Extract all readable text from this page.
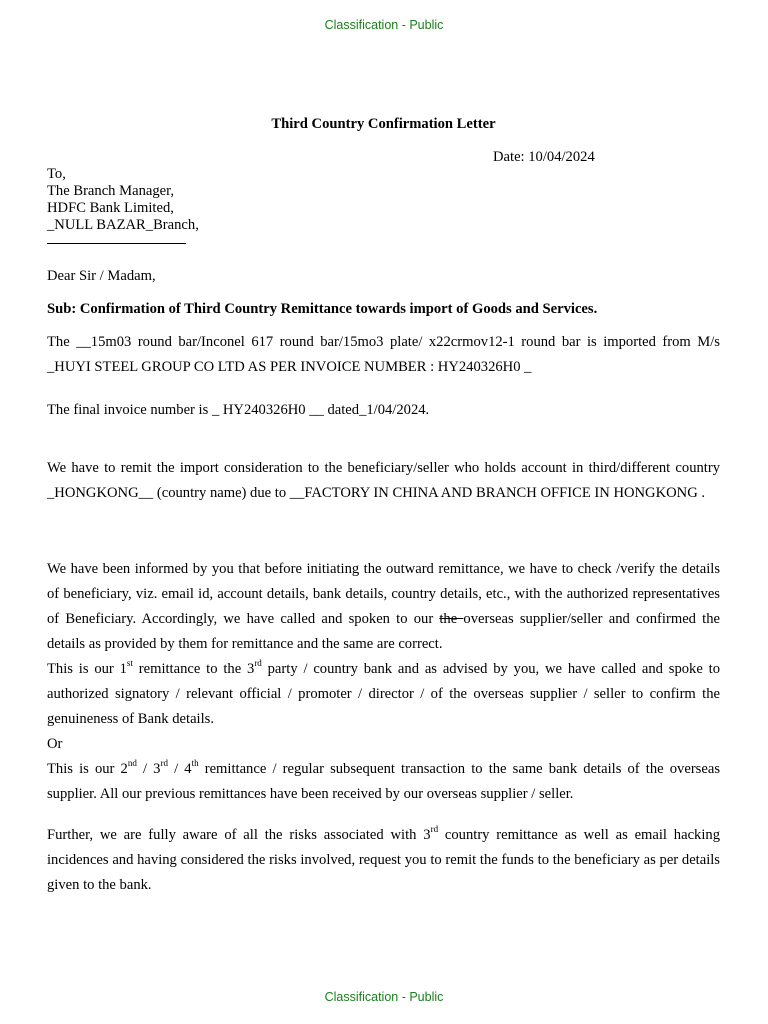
Classification - Public
Third Country Confirmation Letter
Date: 10/04/2024
To,
The Branch Manager,
HDFC Bank Limited,
_NULL BAZAR_Branch,
Dear Sir / Madam,
Sub: Confirmation of Third Country Remittance towards import of Goods and Services.
The __15m03 round bar/Inconel 617 round bar/15mo3 plate/ x22crmov12-1 round bar is imported from M/s _HUYI STEEL GROUP CO LTD AS PER INVOICE NUMBER : HY240326H0 _
The final invoice number is _ HY240326H0 __ dated_1/04/2024.
We have to remit the import consideration to the beneficiary/seller who holds account in third/different country _HONGKONG__ (country name) due to __FACTORY IN CHINA AND BRANCH OFFICE IN HONGKONG .
We have been informed by you that before initiating the outward remittance, we have to check /verify the details of beneficiary, viz. email id, account details, bank details, country details, etc., with the authorized representatives of Beneficiary. Accordingly, we have called and spoken to our the overseas supplier/seller and confirmed the details as provided by them for remittance and the same are correct.
This is our 1st remittance to the 3rd party / country bank and as advised by you, we have called and spoke to authorized signatory / relevant official / promoter / director / of the overseas supplier / seller to confirm the genuineness of Bank details.
Or
This is our 2nd / 3rd / 4th remittance / regular subsequent transaction to the same bank details of the overseas supplier. All our previous remittances have been received by our overseas supplier / seller.
Further, we are fully aware of all the risks associated with 3rd country remittance as well as email hacking incidences and having considered the risks involved, request you to remit the funds to the beneficiary as per details given to the bank.
Classification - Public
